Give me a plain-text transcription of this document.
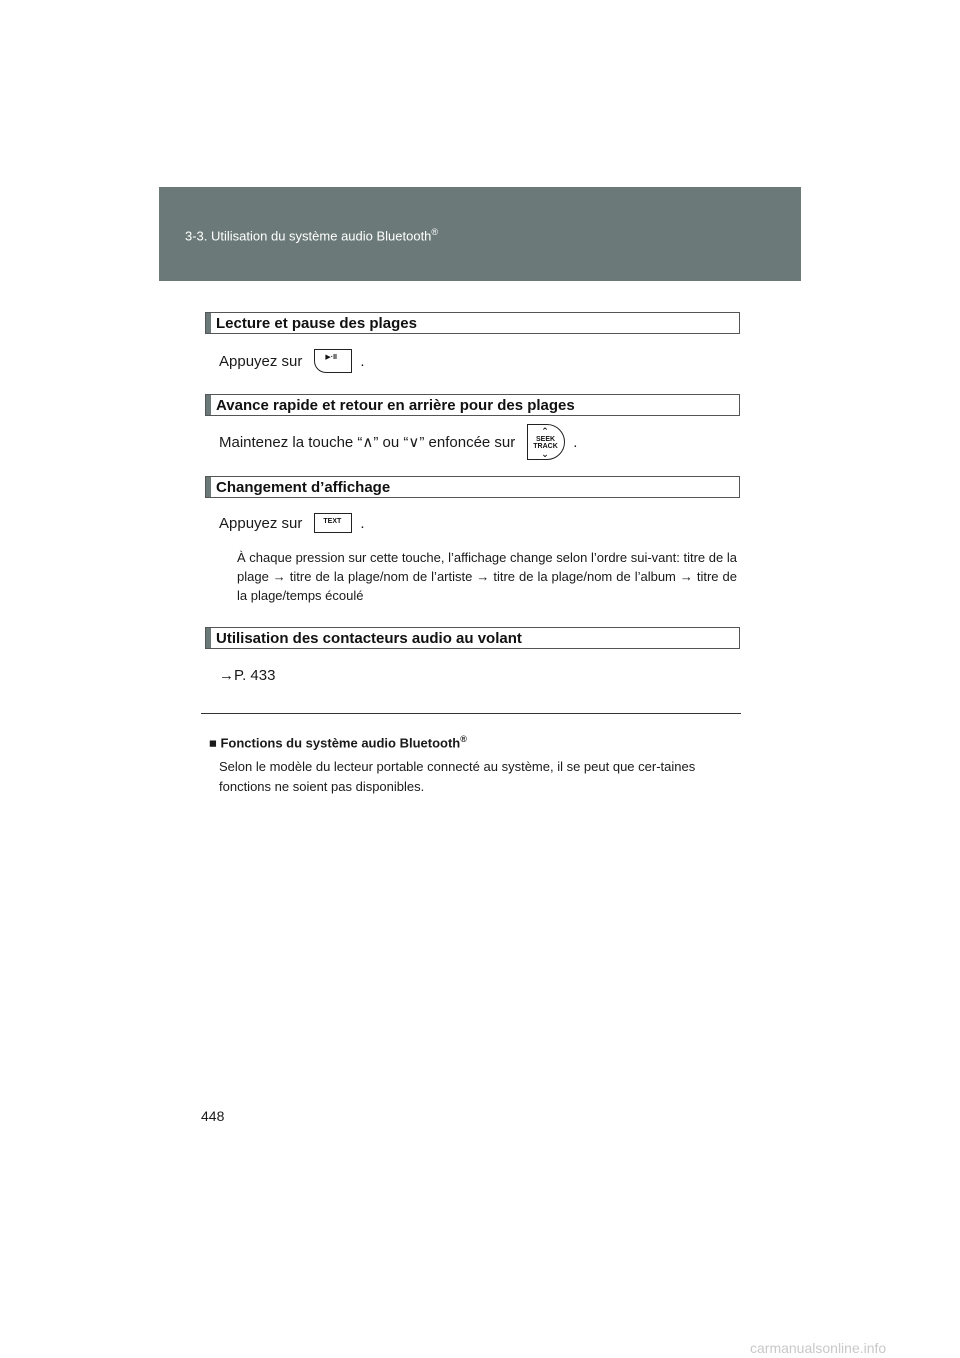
3-3. Utilisation du système audio Bluetooth®
Lecture et pause des plages
Appuyez sur	▶·II .
Avance rapide et retour en arrière pour des plages
Maintenez la touche “∧” ou “∨” enfoncée sur
⌃
SEEK
TRACK
⌄
.
Changement d’affichage
Appuyez sur	TEXT .
À chaque pression sur cette touche, l’affichage change selon l’ordre sui-vant: titre de la plage → titre de la plage/nom de l’artiste → titre de la plage/nom de l’album → titre de la plage/temps écoulé
Utilisation des contacteurs audio au volant
→P. 433
■ Fonctions du système audio Bluetooth®
Selon le modèle du lecteur portable connecté au système, il se peut que cer-taines fonctions ne soient pas disponibles.
448
carmanualsonline.info
